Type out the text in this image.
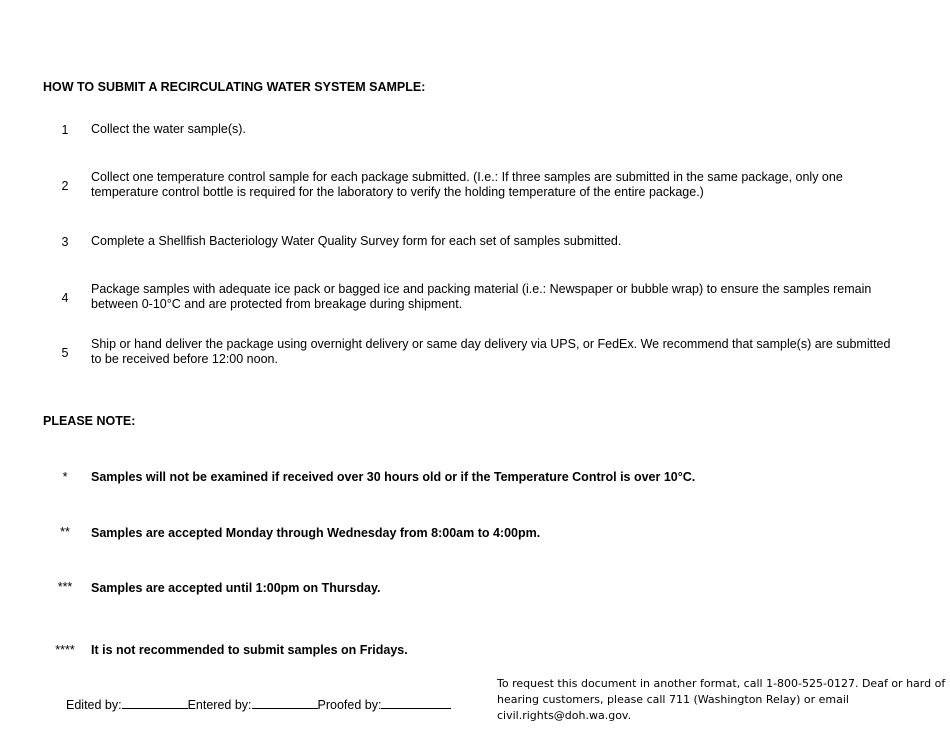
HOW TO SUBMIT A RECIRCULATING WATER SYSTEM SAMPLE:
1	Collect the water sample(s).
2
Collect one temperature control sample for each package submitted. (I.e.: If three samples are submitted in the same package, only one temperature control bottle is required for the laboratory to verify the holding temperature of the entire package.)
3	Complete a Shellfish Bacteriology Water Quality Survey form for each set of samples submitted.
4
Package samples with adequate ice pack or bagged ice and packing material (i.e.: Newspaper or bubble wrap) to ensure the samples remain between 0-10°C and are protected from breakage during shipment.
5
Ship or hand deliver the package using overnight delivery or same day delivery via UPS, or FedEx. We recommend that sample(s) are submitted to be received before 12:00 noon.
PLEASE NOTE:
*	Samples will not be examined if received over 30 hours old or if the Temperature Control is over 10°C.
**	Samples are accepted Monday through Wednesday from 8:00am to 4:00pm.
***	Samples are accepted until 1:00pm on Thursday.
****	It is not recommended to submit samples on Fridays.
Edited by:	Entered by:	Proofed by:
To request this document in another format, call 1-800-525-0127. Deaf or hard of
hearing customers, please call 711 (Washington Relay) or email civil.rights@doh.wa.gov.
